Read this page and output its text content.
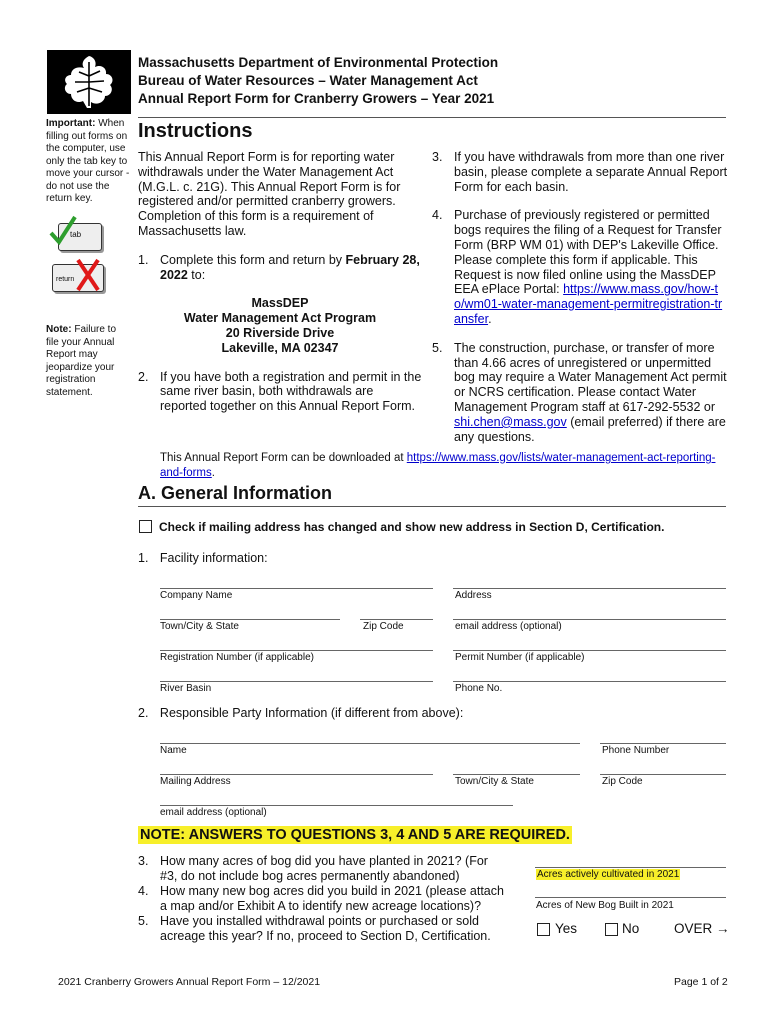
Massachusetts Department of Environmental Protection
Bureau of Water Resources – Water Management Act
Annual Report Form for Cranberry Growers – Year 2021
Important: When filling out forms on the computer, use only the tab key to move your cursor - do not use the return key.
tab
return
Note: Failure to file your Annual Report may jeopardize your registration statement.
Instructions
This Annual Report Form is for reporting water withdrawals under the Water Management Act (M.G.L. c. 21G). This Annual Report Form is for registered and/or permitted cranberry growers. Completion of this form is a requirement of Massachusetts law.
1. Complete this form and return by February 28, 2022 to:
MassDEP
Water Management Act Program
20 Riverside Drive
Lakeville, MA 02347
2. If you have both a registration and permit in the same river basin, both withdrawals are reported together on this Annual Report Form.
3. If you have withdrawals from more than one river basin, please complete a separate Annual Report Form for each basin.
4. Purchase of previously registered or permitted bogs requires the filing of a Request for Transfer Form (BRP WM 01) with DEP's Lakeville Office. Please complete this form if applicable. This Request is now filed online using the MassDEP EEA ePlace Portal: https://www.mass.gov/how-to/wm01-water-management-permitregistration-transfer.
5. The construction, purchase, or transfer of more than 4.66 acres of unregistered or unpermitted bog may require a Water Management Act permit or NCRS certification. Please contact Water Management Program staff at 617-292-5532 or shi.chen@mass.gov (email preferred) if there are any questions.
This Annual Report Form can be downloaded at https://www.mass.gov/lists/water-management-act-reporting-and-forms.
A. General Information
Check if mailing address has changed and show new address in Section D, Certification.
1. Facility information:
Company Name	Address
Town/City & State	Zip Code	email address (optional)
Registration Number (if applicable)	Permit Number (if applicable)
River Basin	Phone No.
2. Responsible Party Information (if different from above):
Name	Phone Number
Mailing Address	Town/City & State	Zip Code
email address (optional)
NOTE: ANSWERS TO QUESTIONS 3, 4 AND 5 ARE REQUIRED.
3. How many acres of bog did you have planted in 2021? (For #3, do not include bog acres permanently abandoned)
4. How many new bog acres did you build in 2021 (please attach a map and/or Exhibit A to identify new acreage locations)?
5. Have you installed withdrawal points or purchased or sold acreage this year? If no, proceed to Section D, Certification.
Acres actively cultivated in 2021
Acres of New Bog Built in 2021
Yes	No	OVER →
2021 Cranberry Growers Annual Report Form – 12/2021	Page 1 of 2
